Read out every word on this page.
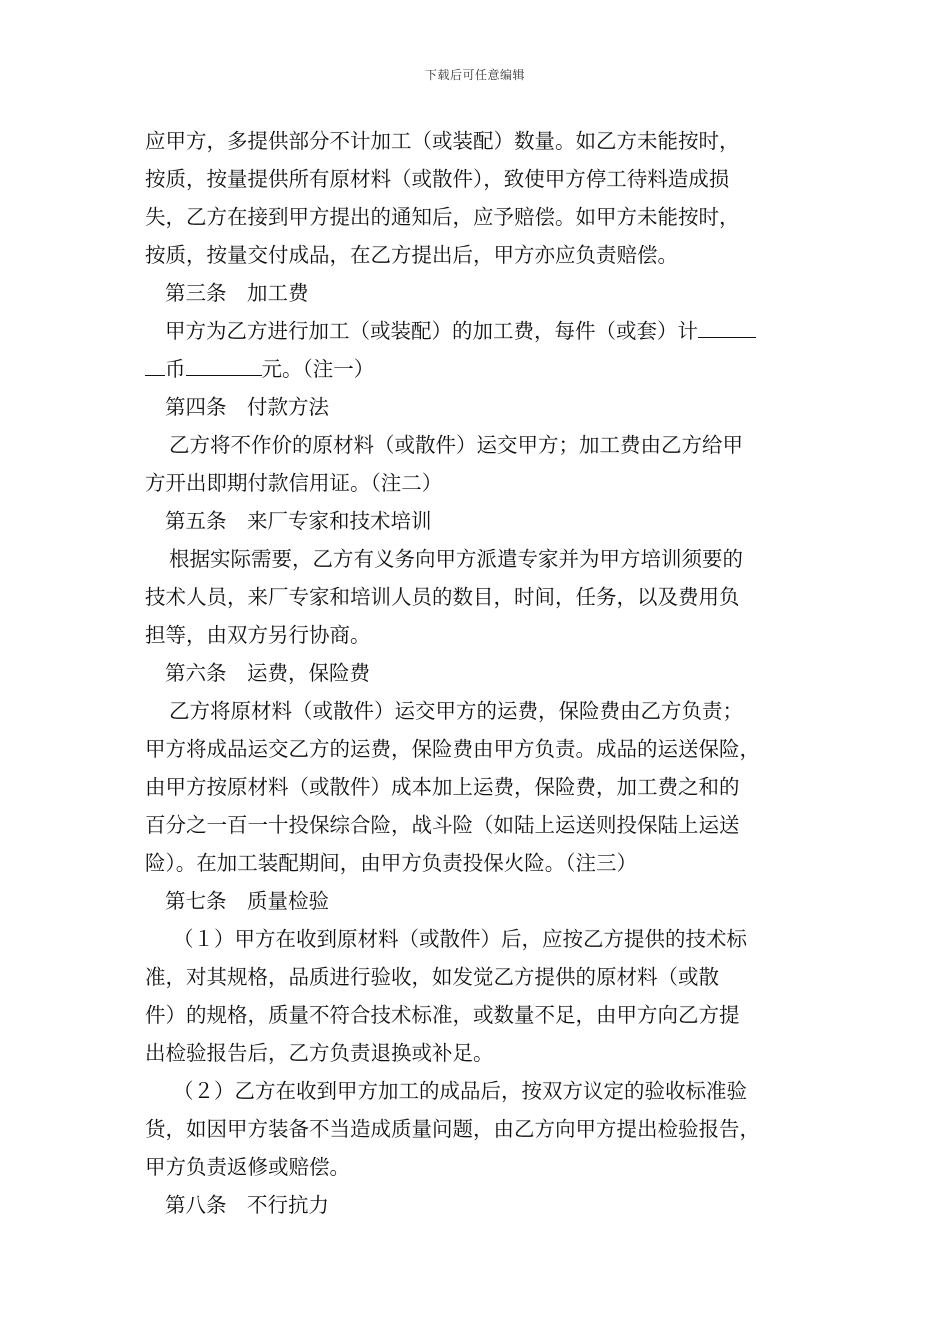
下载后可任意编辑
应甲方，多提供部分不计加工（或装配）数量。如乙方未能按时，
按质，按量提供所有原材料（或散件），致使甲方停工待料造成损
失，乙方在接到甲方提出的通知后，应予赔偿。如甲方未能按时，
按质，按量交付成品，在乙方提出后，甲方亦应负责赔偿。
第三条　加工费
甲方为乙方进行加工（或装配）的加工费，每件（或套）计
币	元。（注一）
第四条　付款方法
乙方将不作价的原材料（或散件）运交甲方；加工费由乙方给甲
方开出即期付款信用证。（注二）
第五条　来厂专家和技术培训
根据实际需要，乙方有义务向甲方派遣专家并为甲方培训须要的
技术人员，来厂专家和培训人员的数目，时间，任务，以及费用负
担等，由双方另行协商。
第六条　运费，保险费
乙方将原材料（或散件）运交甲方的运费，保险费由乙方负责；
甲方将成品运交乙方的运费，保险费由甲方负责。成品的运送保险，
由甲方按原材料（或散件）成本加上运费，保险费，加工费之和的
百分之一百一十投保综合险，战斗险（如陆上运送则投保陆上运送
险）。在加工装配期间，由甲方负责投保火险。（注三）
第七条　质量检验
（１）甲方在收到原材料（或散件）后，应按乙方提供的技术标
准，对其规格，品质进行验收，如发觉乙方提供的原材料（或散
件）的规格，质量不符合技术标准，或数量不足，由甲方向乙方提
出检验报告后，乙方负责退换或补足。
（２）乙方在收到甲方加工的成品后，按双方议定的验收标准验
货，如因甲方装备不当造成质量问题，由乙方向甲方提出检验报告，
甲方负责返修或赔偿。
第八条　不行抗力
